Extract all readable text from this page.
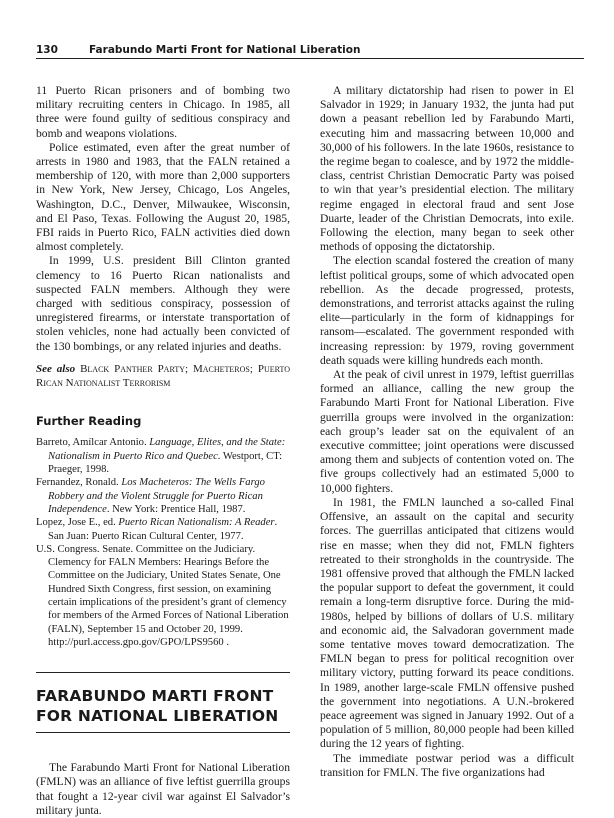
130	Farabundo Marti Front for National Liberation

11 Puerto Rican prisoners and of bombing two military recruiting centers in Chicago. In 1985, all three were found guilty of seditious conspiracy and bomb and weapons violations.

Police estimated, even after the great number of arrests in 1980 and 1983, that the FALN retained a membership of 120, with more than 2,000 supporters in New York, New Jersey, Chicago, Los Angeles, Washington, D.C., Denver, Milwaukee, Wisconsin, and El Paso, Texas. Following the August 20, 1985, FBI raids in Puerto Rico, FALN activities died down almost completely.

In 1999, U.S. president Bill Clinton granted clemency to 16 Puerto Rican nationalists and suspected FALN members. Although they were charged with seditious conspiracy, possession of unregistered firearms, or interstate transportation of stolen vehicles, none had actually been convicted of the 130 bombings, or any related injuries and deaths.

See also Black Panther Party; Macheteros; Puerto Rican Nationalist Terrorism

Further Reading

Barreto, Amílcar Antonio. Language, Elites, and the State: Nationalism in Puerto Rico and Quebec. Westport, CT: Praeger, 1998.

Fernandez, Ronald. Los Macheteros: The Wells Fargo Robbery and the Violent Struggle for Puerto Rican Independence. New York: Prentice Hall, 1987.

Lopez, Jose E., ed. Puerto Rican Nationalism: A Reader. San Juan: Puerto Rican Cultural Center, 1977.

U.S. Congress. Senate. Committee on the Judiciary. Clemency for FALN Members: Hearings Before the Committee on the Judiciary, United States Senate, One Hundred Sixth Congress, first session, on examining certain implications of the president’s grant of clemency for members of the Armed Forces of National Liberation (FALN), September 15 and October 20, 1999. http://purl.access.gpo.gov/GPO/LPS9560 .

FARABUNDO MARTI FRONT
FOR NATIONAL LIBERATION

The Farabundo Marti Front for National Liberation (FMLN) was an alliance of five leftist guerrilla groups that fought a 12-year civil war against El Salvador’s military junta.

A military dictatorship had risen to power in El Salvador in 1929; in January 1932, the junta had put down a peasant rebellion led by Farabundo Marti, executing him and massacring between 10,000 and 30,000 of his followers. In the late 1960s, resistance to the regime began to coalesce, and by 1972 the middle-class, centrist Christian Democratic Party was poised to win that year’s presidential election. The military regime engaged in electoral fraud and sent Jose Duarte, leader of the Christian Democrats, into exile. Following the election, many began to seek other methods of opposing the dictatorship.

The election scandal fostered the creation of many leftist political groups, some of which advocated open rebellion. As the decade progressed, protests, demonstrations, and terrorist attacks against the ruling elite—particularly in the form of kidnappings for ransom—escalated. The government responded with increasing repression: by 1979, roving government death squads were killing hundreds each month.

At the peak of civil unrest in 1979, leftist guerrillas formed an alliance, calling the new group the Farabundo Marti Front for National Liberation. Five guerrilla groups were involved in the organization: each group’s leader sat on the equivalent of an executive committee; joint operations were discussed among them and subjects of contention voted on. The five groups collectively had an estimated 5,000 to 10,000 fighters.

In 1981, the FMLN launched a so-called Final Offensive, an assault on the capital and security forces. The guerrillas anticipated that citizens would rise en masse; when they did not, FMLN fighters retreated to their strongholds in the countryside. The 1981 offensive proved that although the FMLN lacked the popular support to defeat the government, it could remain a long-term disruptive force. During the mid-1980s, helped by billions of dollars of U.S. military and economic aid, the Salvadoran government made some tentative moves toward democratization. The FMLN began to press for political recognition over military victory, putting forward its peace conditions. In 1989, another large-scale FMLN offensive pushed the government into negotiations. A U.N.-brokered peace agreement was signed in January 1992. Out of a population of 5 million, 80,000 people had been killed during the 12 years of fighting.

The immediate postwar period was a difficult transition for FMLN. The five organizations had
